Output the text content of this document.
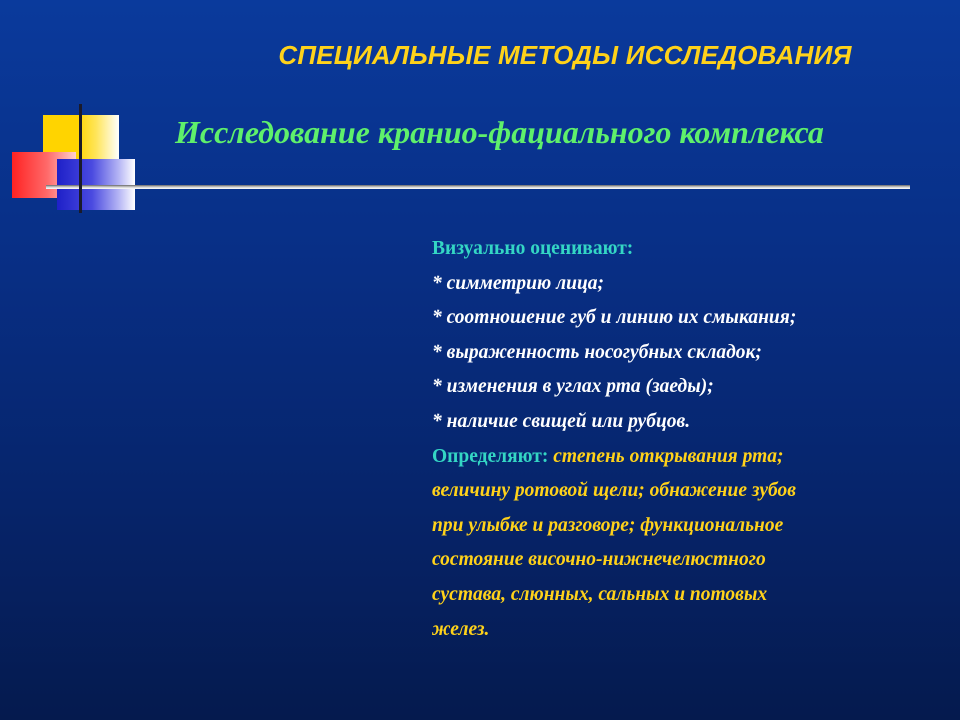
СПЕЦИАЛЬНЫЕ МЕТОДЫ ИССЛЕДОВАНИЯ
Исследование кранио-фациального комплекса
Визуально оценивают:
* симметрию лица;
* соотношение губ и линию их смыкания;
* выраженность носогубных складок;
* изменения в углах рта (заеды);
* наличие свищей или рубцов.
Определяют: степень открывания рта;
величину ротовой щели; обнажение зубов
при улыбке и разговоре; функциональное
состояние височно-нижнечелюстного
сустава, слюнных, сальных и потовых
желез.
